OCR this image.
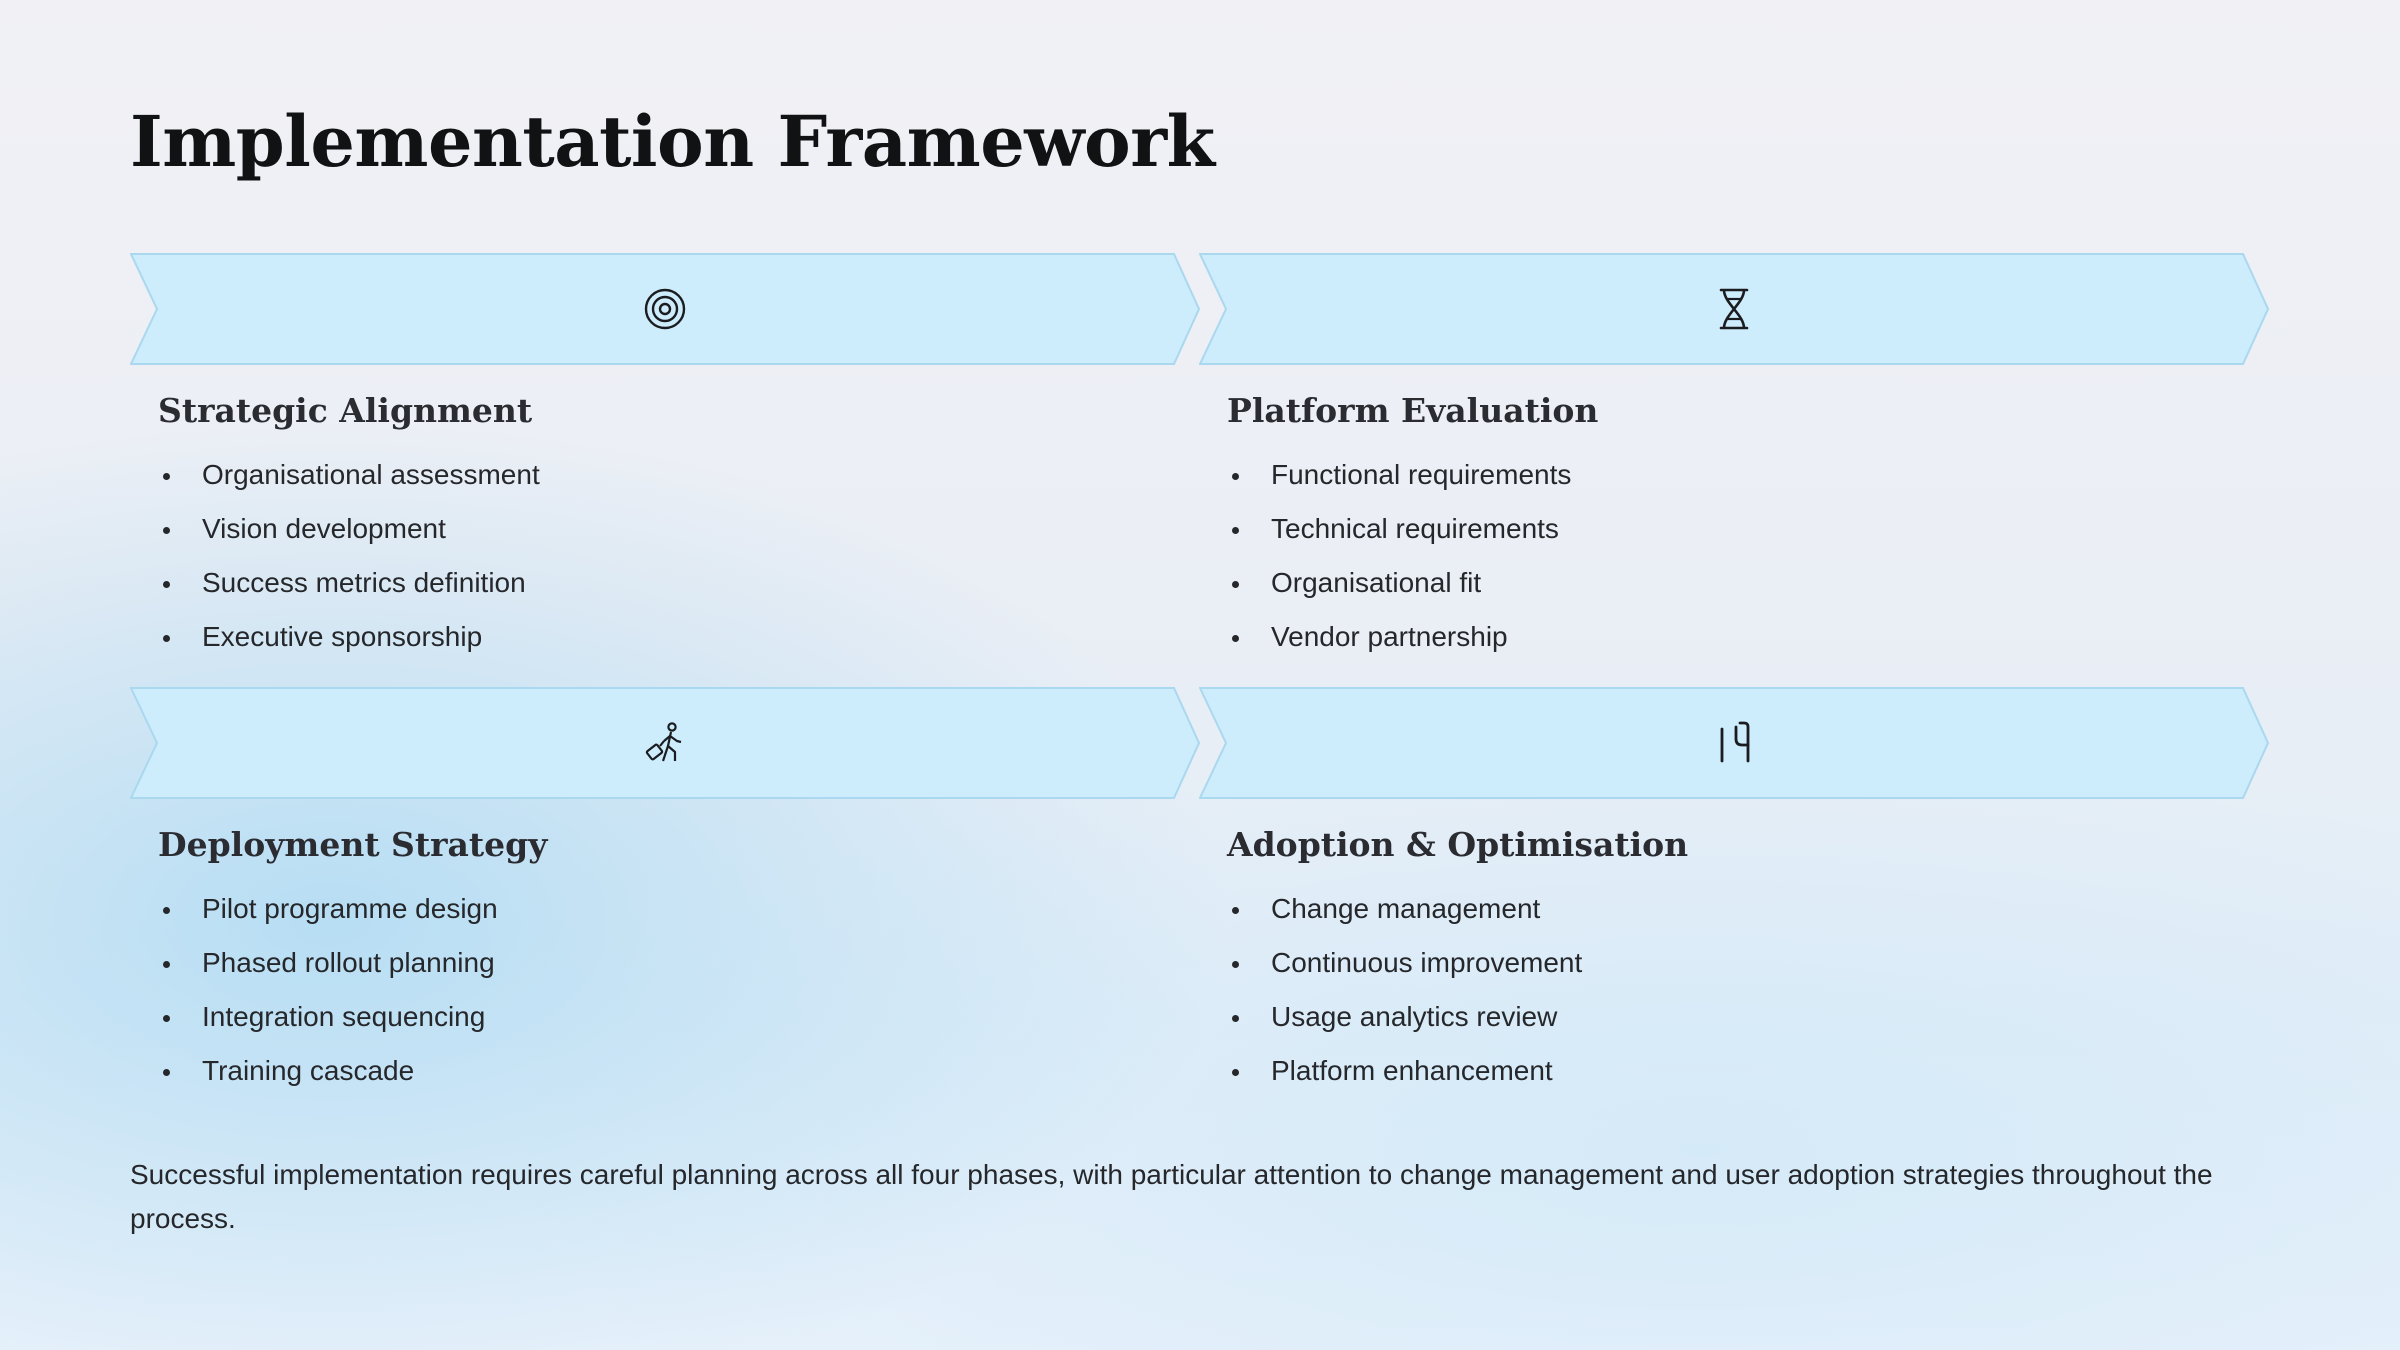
Implementation Framework
Strategic Alignment
Organisational assessment
Vision development
Success metrics definition
Executive sponsorship
Platform Evaluation
Functional requirements
Technical requirements
Organisational fit
Vendor partnership
Deployment Strategy
Pilot programme design
Phased rollout planning
Integration sequencing
Training cascade
Adoption & Optimisation
Change management
Continuous improvement
Usage analytics review
Platform enhancement

Successful implementation requires careful planning across all four phases, with particular attention to change management and user adoption strategies throughout the process.
